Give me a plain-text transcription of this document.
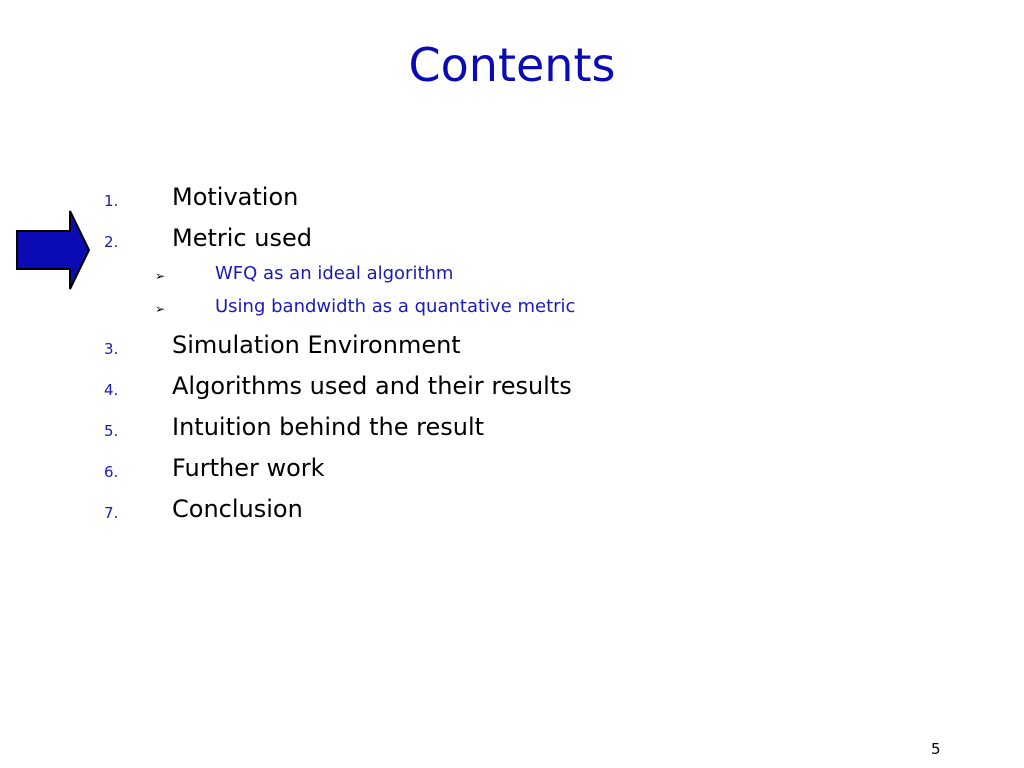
Contents
1. Motivation
2. Metric used
➢	WFQ as an ideal algorithm
➢	Using bandwidth as a quantative metric
3. Simulation Environment
4. Algorithms used and their results
5. Intuition behind the result
6. Further work
7. Conclusion
5
